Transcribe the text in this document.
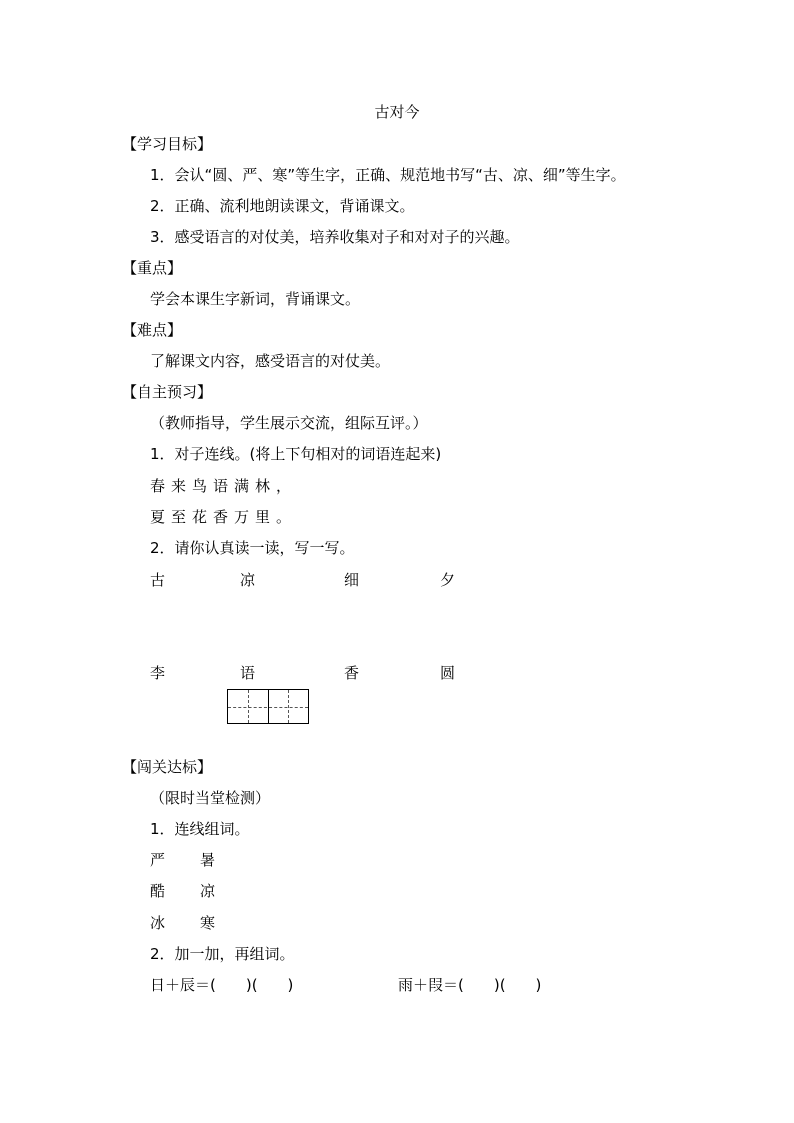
古对今
【学习目标】
1．会认“圆、严、寒”等生字，正确、规范地书写“古、凉、细”等生字。
2．正确、流利地朗读课文，背诵课文。
3．感受语言的对仗美，培养收集对子和对对子的兴趣。
【重点】
学会本课生字新词，背诵课文。
【难点】
了解课文内容，感受语言的对仗美。
【自主预习】
（教师指导，学生展示交流，组际互评。）
1．对子连线。(将上下句相对的词语连起来)
春来鸟语满林，
夏至花香万里。
2．请你认真读一读，写一写。
古	凉	细	夕
李	语	香	圆
【闯关达标】
（限时当堂检测）
1．连线组词。
严 暑
酷 凉
冰 寒
2．加一加，再组词。
日＋辰＝(　　)(　　)	雨＋叚＝(　　)(　　)
